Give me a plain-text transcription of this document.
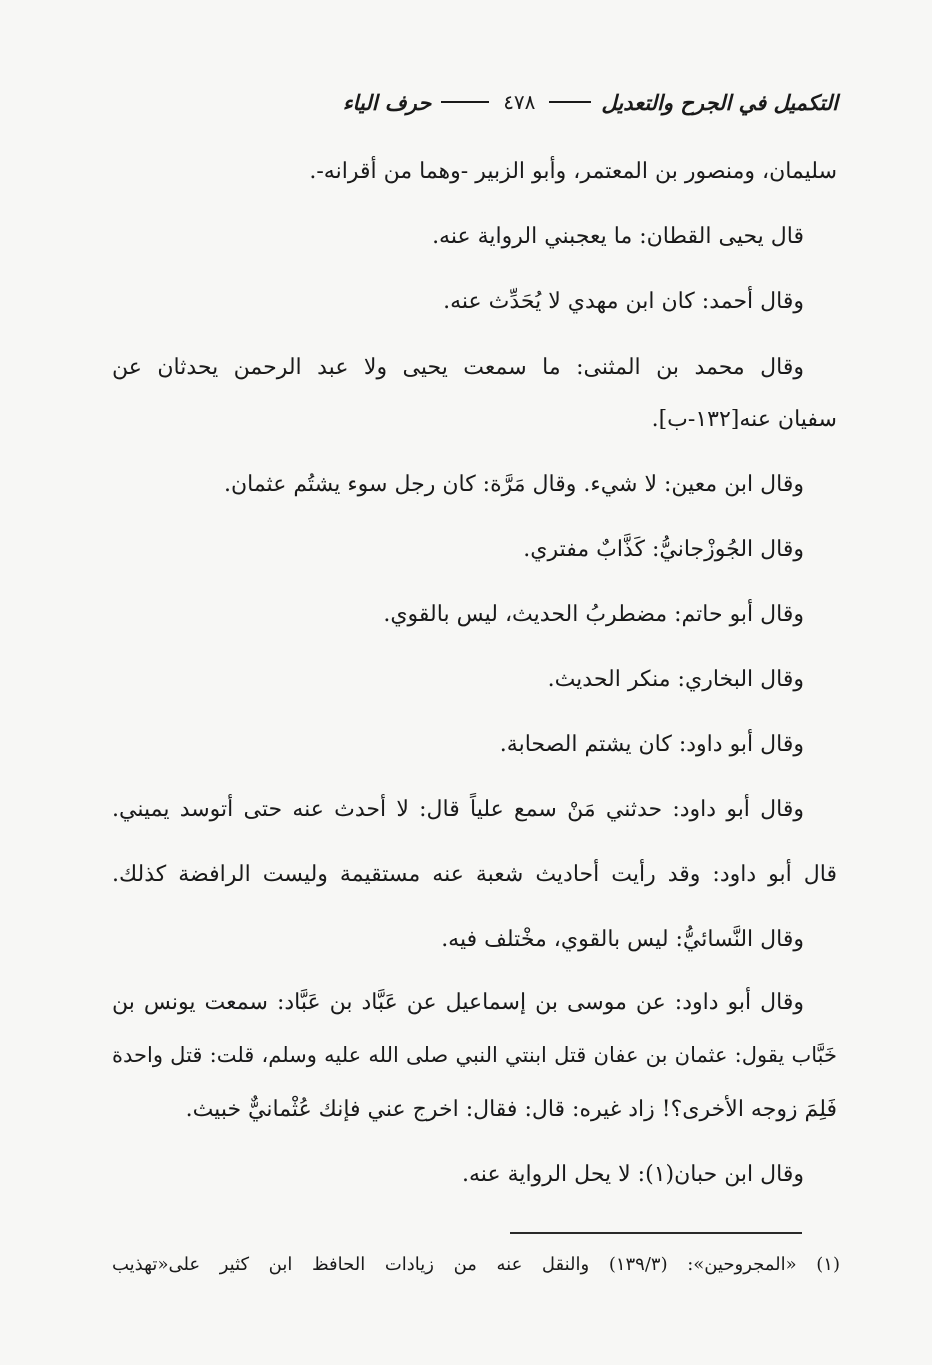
التكميل في الجرح والتعديل
٤٧٨
حرف الياء
سليمان، ومنصور بن المعتمر، وأبو الزبير -وهما من أقرانه-.
قال يحيى القطان: ما يعجبني الرواية عنه.
وقال أحمد: كان ابن مهدي لا يُحَدِّث عنه.
وقال محمد بن المثنى: ما سمعت يحيى ولا عبد الرحمن يحدثان عن
سفيان عنه[١٣٢-ب].
وقال ابن معين: لا شيء. وقال مَرَّة: كان رجل سوء يشتُم عثمان.
وقال الجُوزْجانيُّ: كَذَّابٌ مفتري.
وقال أبو حاتم: مضطربُ الحديث، ليس بالقوي.
وقال البخاري: منكر الحديث.
وقال أبو داود: كان يشتم الصحابة.
وقال أبو داود: حدثني مَنْ سمع علياً قال: لا أحدث عنه حتى أتوسد يميني.
قال أبو داود: وقد رأيت أحاديث شعبة عنه مستقيمة وليست الرافضة كذلك.
وقال النَّسائيُّ: ليس بالقوي، مخْتلف فيه.
وقال أبو داود: عن موسى بن إسماعيل عن عَبَّاد بن عَبَّاد: سمعت يونس بن
خَبَّاب يقول: عثمان بن عفان قتل ابنتي النبي صلى الله عليه وسلم، قلت: قتل واحدة
فَلِمَ زوجه الأخرى؟! زاد غيره: قال: فقال: اخرج عني فإنك عُثْمانيٌّ خبيث.
وقال ابن حبان(١): لا يحل الرواية عنه.
(١) «المجروحين»: (١٣٩/٣) والنقل عنه من زيادات الحافظ ابن كثير على«تهذيب
